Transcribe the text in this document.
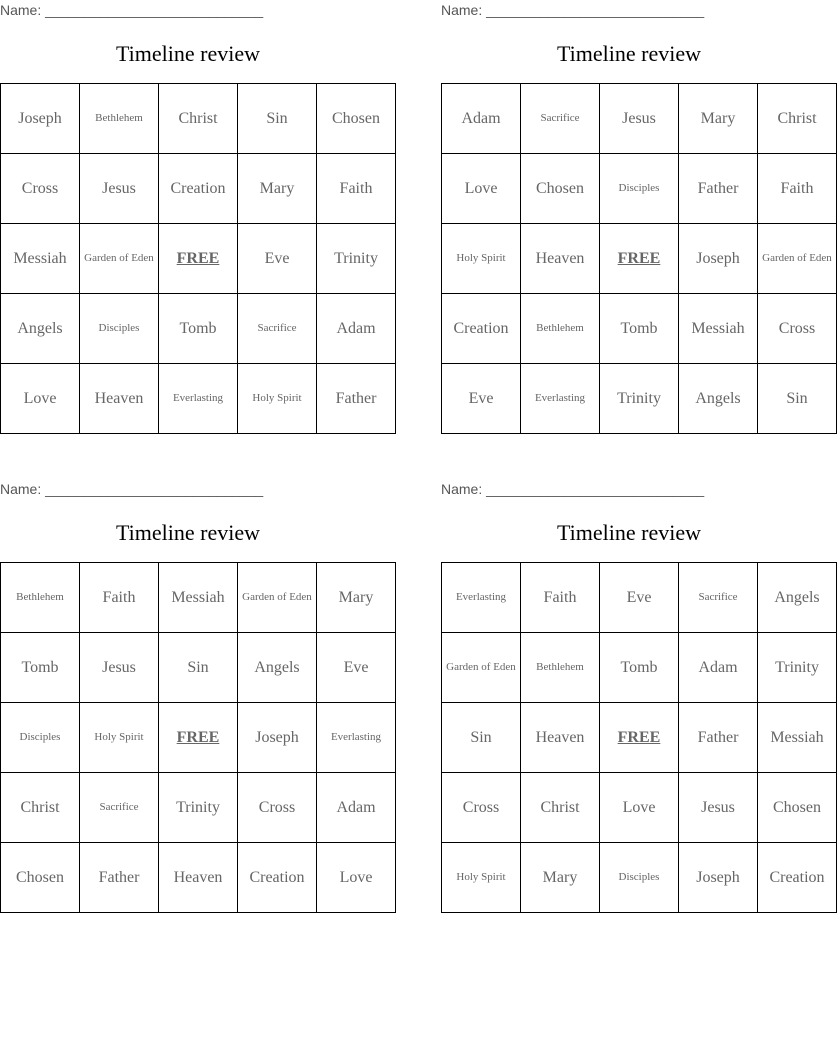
Name: ____________________________
Timeline review
Joseph	Bethlehem	Christ	Sin	Chosen
Cross	Jesus	Creation	Mary	Faith
Messiah	Garden of Eden	FREE	Eve	Trinity
Angels	Disciples	Tomb	Sacrifice	Adam
Love	Heaven	Everlasting	Holy Spirit	Father
Name: ____________________________
Timeline review
Adam	Sacrifice	Jesus	Mary	Christ
Love	Chosen	Disciples	Father	Faith
Holy Spirit	Heaven	FREE	Joseph	Garden of Eden
Creation	Bethlehem	Tomb	Messiah	Cross
Eve	Everlasting	Trinity	Angels	Sin
Name: ____________________________
Timeline review
Bethlehem	Faith	Messiah	Garden of Eden	Mary
Tomb	Jesus	Sin	Angels	Eve
Disciples	Holy Spirit	FREE	Joseph	Everlasting
Christ	Sacrifice	Trinity	Cross	Adam
Chosen	Father	Heaven	Creation	Love
Name: ____________________________
Timeline review
Everlasting	Faith	Eve	Sacrifice	Angels
Garden of Eden	Bethlehem	Tomb	Adam	Trinity
Sin	Heaven	FREE	Father	Messiah
Cross	Christ	Love	Jesus	Chosen
Holy Spirit	Mary	Disciples	Joseph	Creation
